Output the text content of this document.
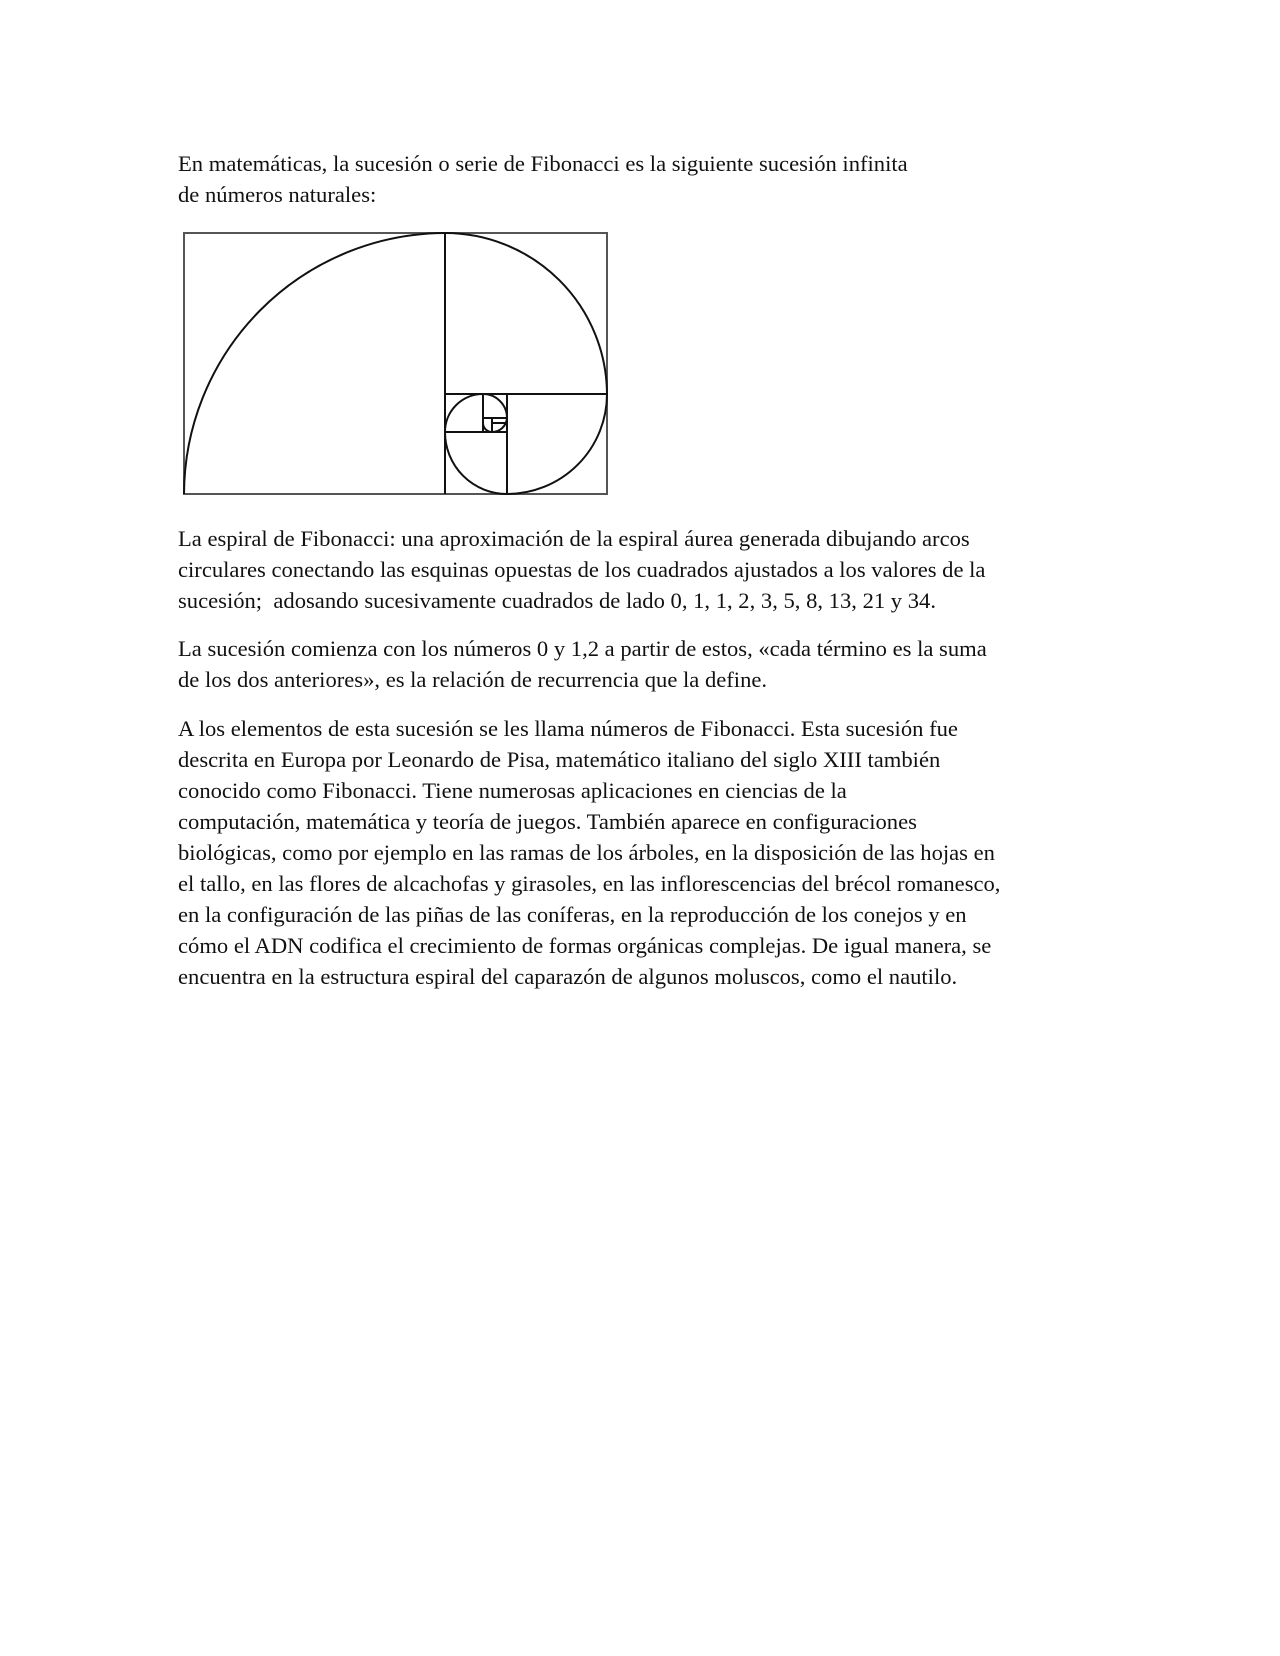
En matemáticas, la sucesión o serie de Fibonacci es la siguiente sucesión infinita
de números naturales:

La espiral de Fibonacci: una aproximación de la espiral áurea generada dibujando arcos
circulares conectando las esquinas opuestas de los cuadrados ajustados a los valores de la
sucesión;  adosando sucesivamente cuadrados de lado 0, 1, 1, 2, 3, 5, 8, 13, 21 y 34.

La sucesión comienza con los números 0 y 1,2 a partir de estos, «cada término es la suma
de los dos anteriores», es la relación de recurrencia que la define.

A los elementos de esta sucesión se les llama números de Fibonacci. Esta sucesión fue
descrita en Europa por Leonardo de Pisa, matemático italiano del siglo XIII también
conocido como Fibonacci. Tiene numerosas aplicaciones en ciencias de la
computación, matemática y teoría de juegos. También aparece en configuraciones
biológicas, como por ejemplo en las ramas de los árboles, en la disposición de las hojas en
el tallo, en las flores de alcachofas y girasoles, en las inflorescencias del brécol romanesco,
en la configuración de las piñas de las coníferas, en la reproducción de los conejos y en
cómo el ADN codifica el crecimiento de formas orgánicas complejas. De igual manera, se
encuentra en la estructura espiral del caparazón de algunos moluscos, como el nautilo.
